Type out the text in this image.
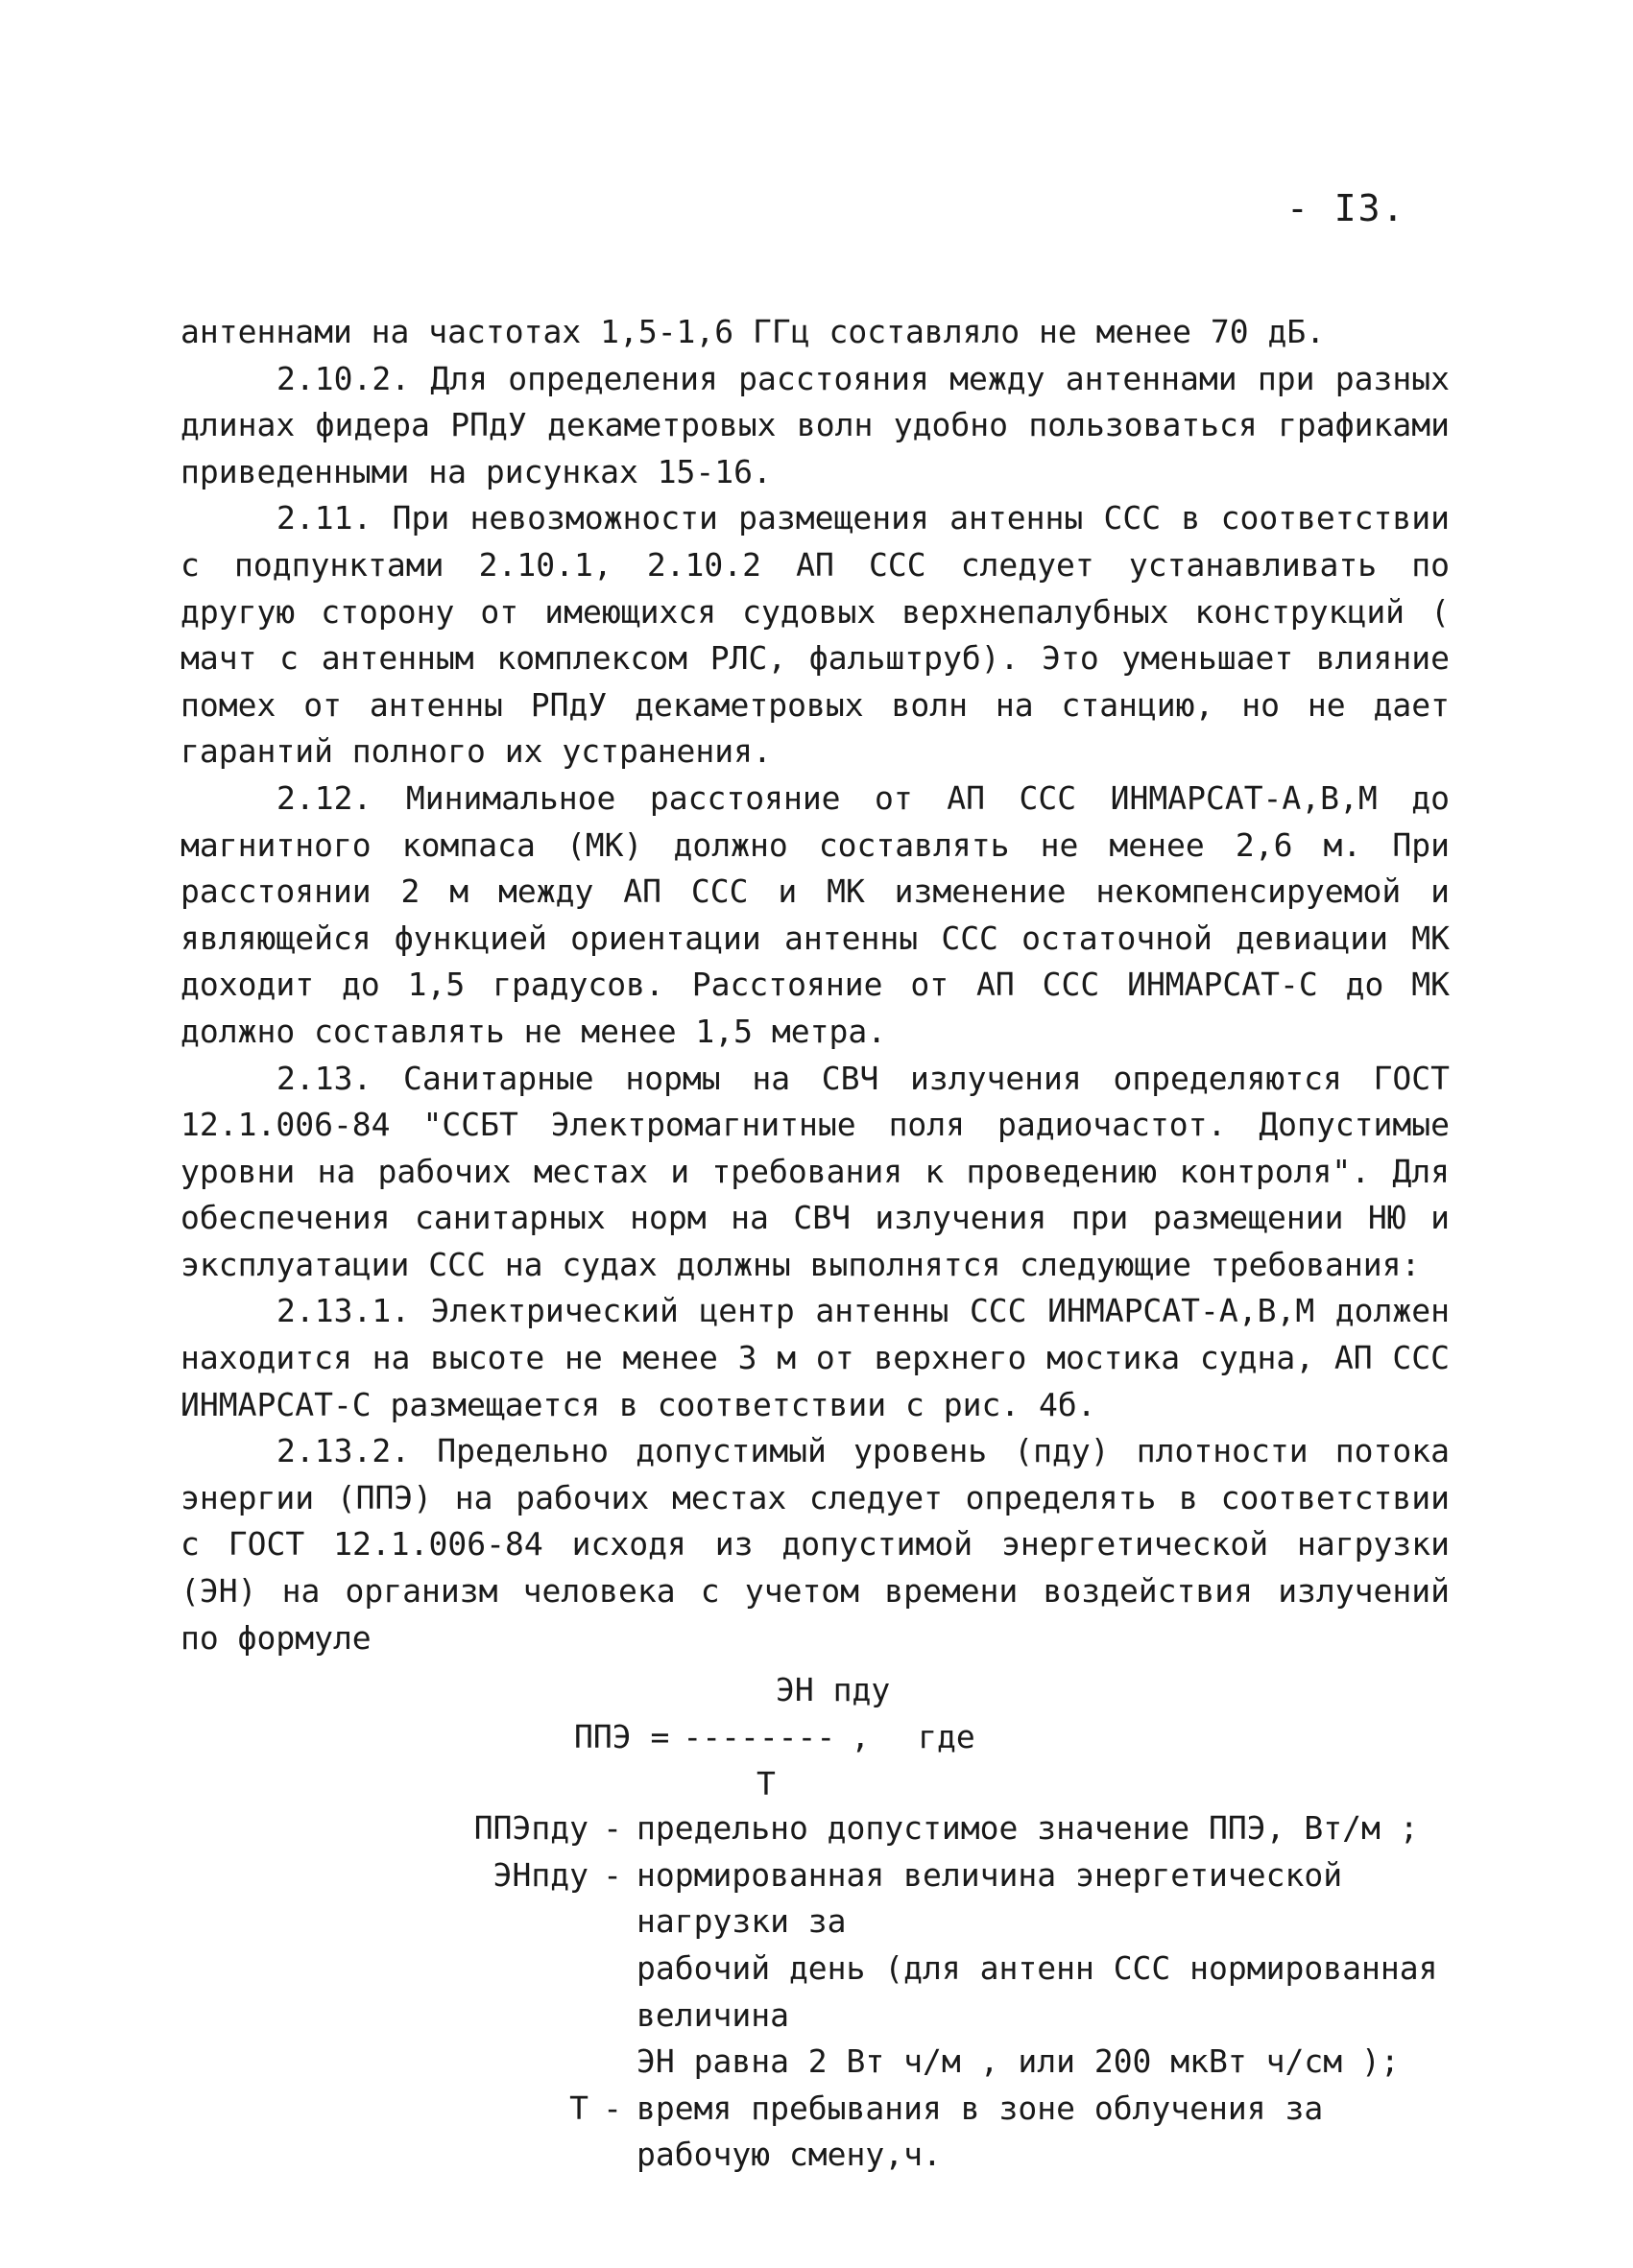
- I3.

антеннами на частотах 1,5-1,6 ГГц составляло не менее 70 дБ.

2.10.2. Для определения расстояния между антеннами при разных длинах фидера РПдУ декаметровых волн удобно пользоваться графиками приведенными на рисунках 15-16.

2.11. При невозможности размещения антенны ССС в соответствии с подпунктами 2.10.1, 2.10.2 АП ССС следует устанавливать по другую сторону от имеющихся судовых верхнепалубных конструкций ( мачт с антенным комплексом РЛС, фальштруб). Это уменьшает влияние помех от антенны РПдУ декаметровых волн на станцию, но не дает гарантий полного их устранения.

2.12. Минимальное расстояние от АП ССС ИНМАРСАТ-А,В,М до магнитного компаса (МК) должно составлять не менее 2,6 м. При расстоянии 2 м между АП ССС и МК изменение некомпенсируемой и являющейся функцией ориентации антенны ССС остаточной девиации МК доходит до 1,5 градусов. Расстояние от АП ССС ИНМАРСАТ-С до МК должно составлять не менее 1,5 метра.

2.13. Санитарные нормы на СВЧ излучения определяются ГОСТ 12.1.006-84 "ССБТ Электромагнитные поля радиочастот. Допустимые уровни на рабочих местах и требования к проведению контроля". Для обеспечения санитарных норм на СВЧ излучения при размещении НЮ и эксплуатации ССС на судах должны выполнятся следующие требования:

2.13.1. Электрический центр антенны ССС ИНМАРСАТ-А,В,М должен находится на высоте не менее 3 м от верхнего мостика судна, АП ССС ИНМАРСАТ-С размещается в соответствии с рис. 4б.

2.13.2. Предельно допустимый уровень (пду) плотности потока энергии (ППЭ) на рабочих местах следует определять в соответствии с ГОСТ 12.1.006-84 исходя из допустимой энергетической нагрузки (ЭН) на организм человека с учетом времени воздействия излучений по формуле

ЭН пду
ППЭ = -------- , где
Т
ППЭпду - предельно допустимое значение ППЭ, Вт/м ;
ЭНпду - нормированная величина энергетической нагрузки за
рабочий день (для антенн ССС нормированная величина
ЭН равна 2 Вт ч/м , или 200 мкВт ч/см );
Т - время пребывания в зоне облучения за рабочую смену,ч.
